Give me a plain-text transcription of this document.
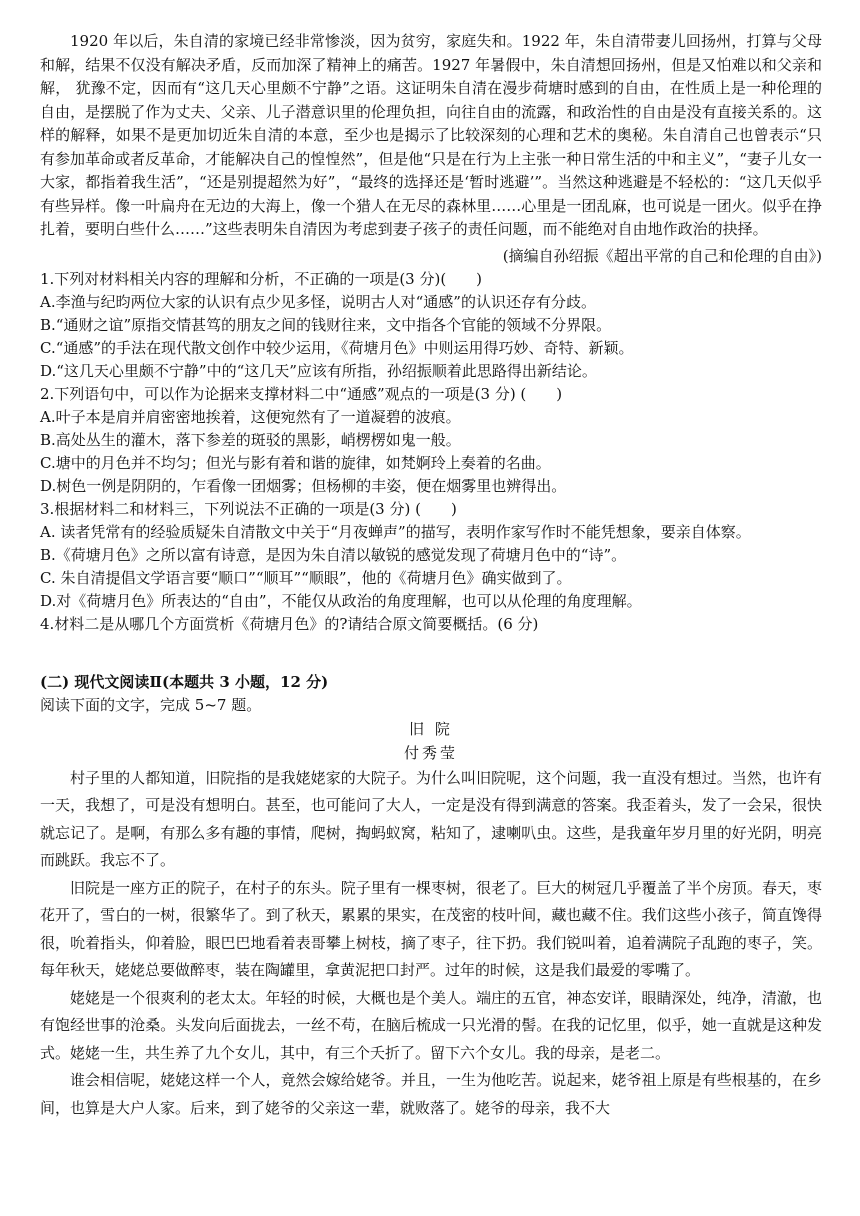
1920 年以后，朱自清的家境已经非常惨淡，因为贫穷，家庭失和。1922 年，朱自清带妻儿回扬州，打算与父母和解，结果不仅没有解决矛盾，反而加深了精神上的痛苦。1927 年暑假中，朱自清想回扬州，但是又怕难以和父亲和解， 犹豫不定，因而有“这几天心里颇不宁静”之语。这证明朱自清在漫步荷塘时感到的自由，在性质上是一种伦理的自由，是摆脱了作为丈夫、父亲、儿子潜意识里的伦理负担，向往自由的流露，和政治性的自由是没有直接关系的。这样的解释，如果不是更加切近朱自清的本意，至少也是揭示了比较深刻的心理和艺术的奥秘。朱自清自己也曾表示“只有参加革命或者反革命，才能解决自己的惶惶然”，但是他“只是在行为上主张一种日常生活的中和主义”，“妻子儿女一大家，都指着我生活”，“还是别提超然为好”，“最终的选择还是‘暂时逃避’”。当然这种逃避是不轻松的：“这几天似乎有些异样。像一叶扁舟在无边的大海上，像一个猎人在无尽的森林里……心里是一团乱麻，也可说是一团火。似乎在挣扎着，要明白些什么……”这些表明朱自清因为考虑到妻子孩子的责任问题，而不能绝对自由地作政治的抉择。

(摘编自孙绍振《超出平常的自己和伦理的自由》)

1.下列对材料相关内容的理解和分析，不正确的一项是(3 分)(　　)

A.李渔与纪昀两位大家的认识有点少见多怪，说明古人对“通感”的认识还存有分歧。

B.“通财之谊”原指交情甚笃的朋友之间的钱财往来，文中指各个官能的领域不分界限。

C.“通感”的手法在现代散文创作中较少运用，《荷塘月色》中则运用得巧妙、奇特、新颖。

D.“这几天心里颇不宁静”中的“这几天”应该有所指，孙绍振顺着此思路得出新结论。

2.下列语句中，可以作为论据来支撑材料二中“通感”观点的一项是(3 分) (　　)

A.叶子本是肩并肩密密地挨着，这便宛然有了一道凝碧的波痕。

B.高处丛生的灌木，落下参差的斑驳的黑影，峭楞楞如鬼一般。

C.塘中的月色并不均匀；但光与影有着和谐的旋律，如梵婀玲上奏着的名曲。

D.树色一例是阴阴的，乍看像一团烟雾；但杨柳的丰姿，便在烟雾里也辨得出。

3.根据材料二和材料三，下列说法不正确的一项是(3 分) (　　)

A. 读者凭常有的经验质疑朱自清散文中关于“月夜蝉声”的描写，表明作家写作时不能凭想象，要亲自体察。

B.《荷塘月色》之所以富有诗意，是因为朱自清以敏锐的感觉发现了荷塘月色中的“诗”。

C. 朱自清提倡文学语言要“顺口”“顺耳”“顺眼”，他的《荷塘月色》确实做到了。

D.对《荷塘月色》所表达的“自由”，不能仅从政治的角度理解，也可以从伦理的角度理解。

4.材料二是从哪几个方面赏析《荷塘月色》的?请结合原文简要概括。(6 分)

(二) 现代文阅读Ⅱ(本题共 3 小题，12 分)

阅读下面的文字，完成 5~7 题。

旧 院

付秀莹

村子里的人都知道，旧院指的是我姥姥家的大院子。为什么叫旧院呢，这个问题，我一直没有想过。当然，也许有一天，我想了，可是没有想明白。甚至，也可能问了大人，一定是没有得到满意的答案。我歪着头，发了一会呆，很快就忘记了。是啊，有那么多有趣的事情，爬树，掏蚂蚁窝，粘知了，逮喇叭虫。这些，是我童年岁月里的好光阴，明亮而跳跃。我忘不了。

旧院是一座方正的院子，在村子的东头。院子里有一棵枣树，很老了。巨大的树冠几乎覆盖了半个房顶。春天，枣花开了，雪白的一树，很繁华了。到了秋天，累累的果实，在茂密的枝叶间，藏也藏不住。我们这些小孩子，简直馋得很，吮着指头，仰着脸，眼巴巴地看着表哥攀上树枝，摘了枣子，往下扔。我们锐叫着，追着满院子乱跑的枣子，笑。每年秋天，姥姥总要做醉枣，装在陶罐里，拿黄泥把口封严。过年的时候，这是我们最爱的零嘴了。

姥姥是一个很爽利的老太太。年轻的时候，大概也是个美人。端庄的五官，神态安详，眼睛深处，纯净，清澈，也有饱经世事的沧桑。头发向后面拢去，一丝不苟，在脑后梳成一只光滑的髻。在我的记忆里，似乎，她一直就是这种发式。姥姥一生，共生养了九个女儿，其中，有三个夭折了。留下六个女儿。我的母亲，是老二。

谁会相信呢，姥姥这样一个人，竟然会嫁给姥爷。并且，一生为他吃苦。说起来，姥爷祖上原是有些根基的，在乡间，也算是大户人家。后来，到了姥爷的父亲这一辈，就败落了。姥爷的母亲，我不大
